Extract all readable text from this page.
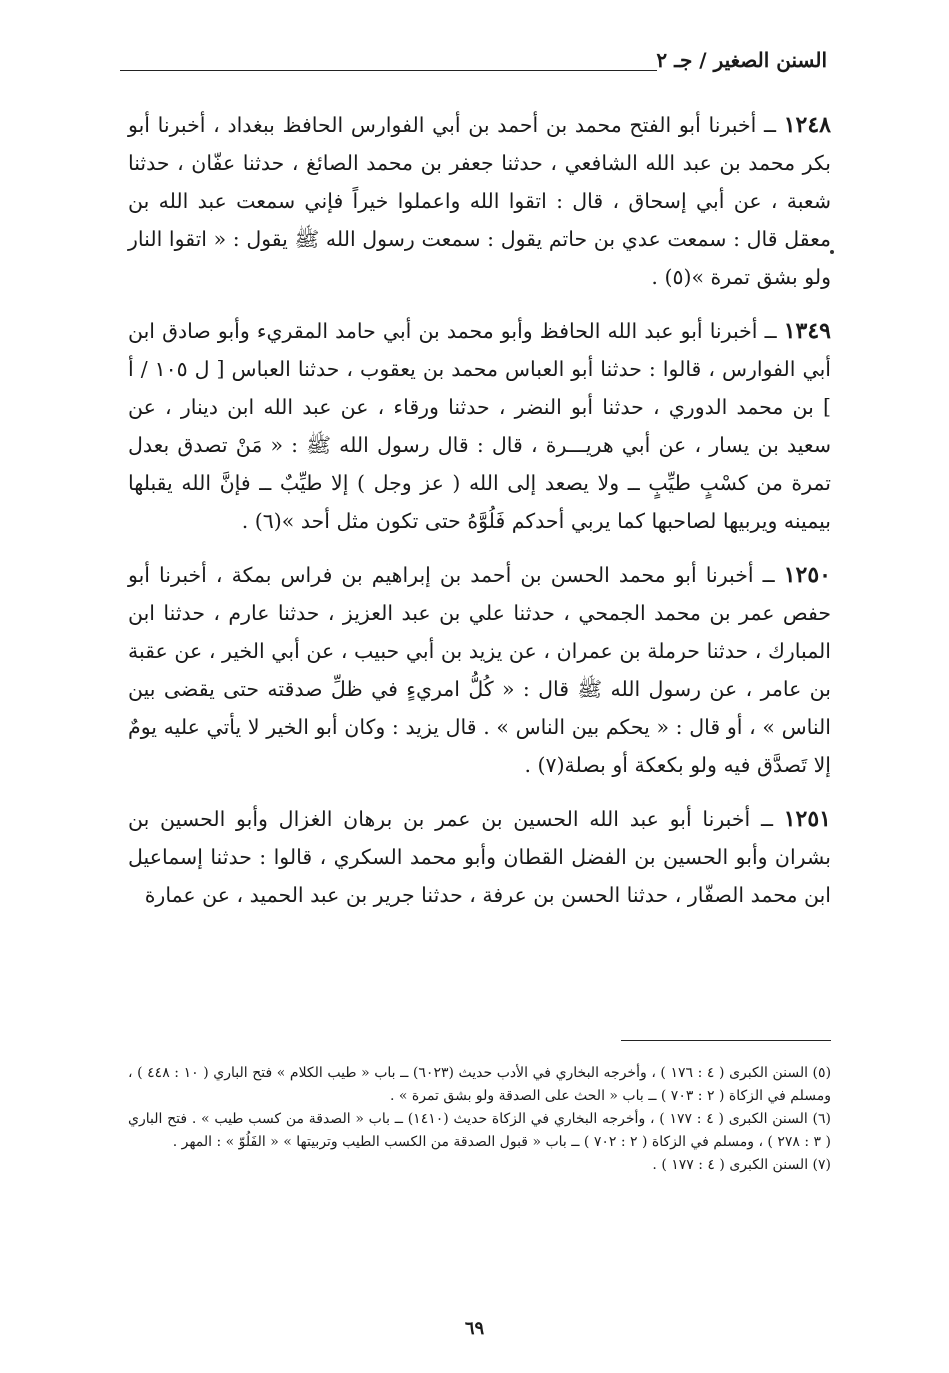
السنن الصغير / جـ ٢

١٢٤٨ ــ أخبرنا أبو الفتح محمد بن أحمد بن أبي الفوارس الحافظ ببغداد ، أخبرنا أبو بكر محمد بن عبد الله الشافعي ، حدثنا جعفر بن محمد الصائغ ، حدثنا عفّان ، حدثنا شعبة ، عن أبي إسحاق ، قال : اتقوا الله واعملوا خيراً فإني سمعت عبد الله بن معقل قال : سمعت عدي بن حاتم يقول : سمعت رسول الله ﷺ يقول : « اتقوا النار ولو بشق تمرة »(٥) .

١٣٤٩ ــ أخبرنا أبو عبد الله الحافظ وأبو محمد بن أبي حامد المقريء وأبو صادق ابن أبي الفوارس ، قالوا : حدثنا أبو العباس محمد بن يعقوب ، حدثنا العباس [ ل ١٠٥ / أ ] بن محمد الدوري ، حدثنا أبو النضر ، حدثنا ورقاء ، عن عبد الله ابن دينار ، عن سعيد بن يسار ، عن أبي هريـــرة ، قال : قال رسول الله ﷺ : « مَنْ تصدق بعدل تمرة من كسْبٍ طيِّبٍ ــ ولا يصعد إلى الله ( عز وجل ) إلا طيِّبٌ ــ فإنَّ الله يقبلها بيمينه ويربيها لصاحبها كما يربي أحدكم فَلُوَّهُ حتى تكون مثل أحد »(٦) .

١٢٥٠ ــ أخبرنا أبو محمد الحسن بن أحمد بن إبراهيم بن فراس بمكة ، أخبرنا أبو حفص عمر بن محمد الجمحي ، حدثنا علي بن عبد العزيز ، حدثنا عارم ، حدثنا ابن المبارك ، حدثنا حرملة بن عمران ، عن يزيد بن أبي حبيب ، عن أبي الخير ، عن عقبة بن عامر ، عن رسول الله ﷺ قال : « كُلُّ امريءٍ في ظلِّ صدقته حتى يقضى بين الناس » ، أو قال : « يحكم بين الناس » . قال يزيد : وكان أبو الخير لا يأتي عليه يومٌ إلا تَصدَّق فيه ولو بكعكة أو بصلة(٧) .

١٢٥١ ــ أخبرنا أبو عبد الله الحسين بن عمر بن برهان الغزال وأبو الحسين بن بشران وأبو الحسين بن الفضل القطان وأبو محمد السكري ، قالوا : حدثنا إسماعيل ابن محمد الصفّار ، حدثنا الحسن بن عرفة ، حدثنا جرير بن عبد الحميد ، عن عمارة

(٥) السنن الكبرى ( ٤ : ١٧٦ ) ، وأخرجه البخاري في الأدب حديث (٦٠٢٣) ــ باب « طيب الكلام » فتح الباري ( ١٠ : ٤٤٨ ) ، ومسلم في الزكاة ( ٢ : ٧٠٣ ) ــ باب « الحث على الصدقة ولو بشق تمرة » .

(٦) السنن الكبرى ( ٤ : ١٧٧ ) ، وأخرجه البخاري في الزكاة حديث (١٤١٠) ــ باب « الصدقة من كسب طيب » . فتح الباري ( ٣ : ٢٧٨ ) ، ومسلم في الزكاة ( ٢ : ٧٠٢ ) ــ باب « قبول الصدقة من الكسب الطيب وتربيتها » « الفَلُوّ » : المهر .

(٧) السنن الكبرى ( ٤ : ١٧٧ ) .

٦٩
